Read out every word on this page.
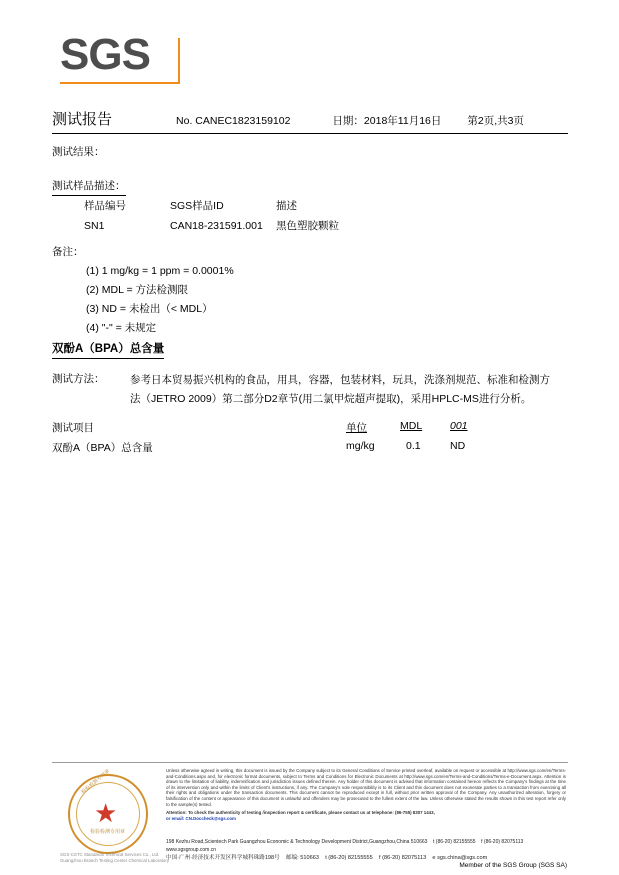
SGS
测试报告	No. CANEC1823159102	日期：2018年11月16日 第2页,共3页
测试结果：
测试样品描述：
样品编号	SGS样品ID	描述
SN1	CAN18-231591.001	黑色塑胶颗粒
备注：
(1) 1 mg/kg = 1 ppm = 0.0001%
(2) MDL = 方法检测限
(3) ND = 未检出（< MDL）
(4) "-" = 未规定
双酚A（BPA）总含量
测试方法： 参考日本贸易振兴机构的食品，用具，容器，包装材料，玩具，洗涤剂规范、标准和检测方法（JETRO 2009）第二部分D2章节(用二氯甲烷超声提取)，采用HPLC-MS进行分析。
测试项目	单位	MDL	001
双酚A（BPA）总含量	mg/kg	0.1	ND
★
检验检测专用章
检验检测专用章
SGS-CSTC Standards Technical Services Co., Ltd.
Guangzhou Branch Testing Center Chemical Laboratory
Unless otherwise agreed in writing, this document is issued by the Company subject to its General Conditions of Service printed overleaf, available on request or accessible at http://www.sgs.com/en/Terms-and-Conditions.aspx and, for electronic format documents, subject to Terms and Conditions for Electronic Documents at http://www.sgs.com/en/Terms-and-Conditions/Terms-e-Document.aspx. Attention is drawn to the limitation of liability, indemnification and jurisdiction issues defined therein. Any holder of this document is advised that information contained hereon reflects the Company's findings at the time of its intervention only and within the limits of Client's instructions, if any. The Company's sole responsibility is to its Client and this document does not exonerate parties to a transaction from exercising all their rights and obligations under the transaction documents. This document cannot be reproduced except in full, without prior written approval of the Company. Any unauthorized alteration, forgery or falsification of the content or appearance of this document is unlawful and offenders may be prosecuted to the fullest extent of the law. Unless otherwise stated the results shown in this test report refer only to the sample(s) tested.
Attention: To check the authenticity of testing /inspection report & certificate, please contact us at telephone: (86-755) 8307 1443,
or email: CN.Doccheck@sgs.com
198 Kezhu Road,Scientech Park Guangzhou Economic & Technology Development District,Guangzhou,China 510663 t (86-20) 82155555 f (86-20) 82075113    www.sgsgroup.com.cn
中国·广州·经济技术开发区科学城科珠路198号 邮编: 510663 t (86-20) 82155555 f (86-20) 82075113 e sgs.china@sgs.com
Member of the SGS Group (SGS SA)
